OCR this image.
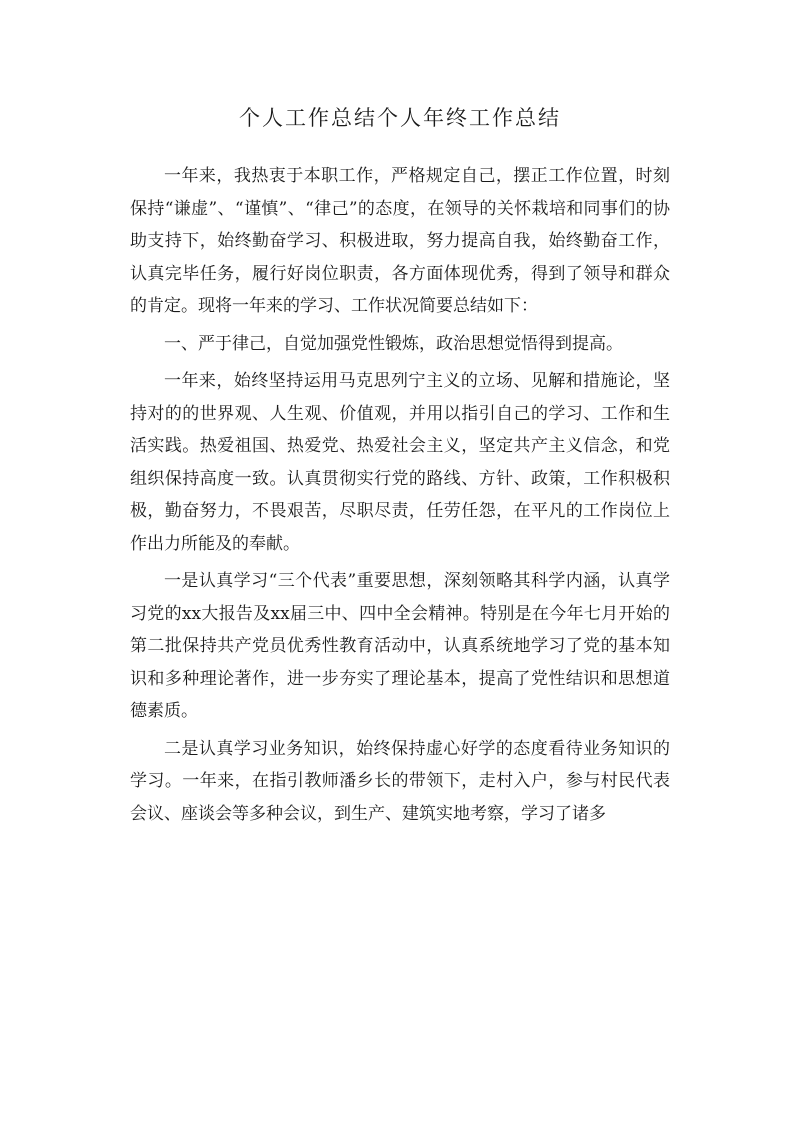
个人工作总结个人年终工作总结

一年来，我热衷于本职工作，严格规定自己，摆正工作位置，时刻保持“谦虚”、“谨慎”、“律己”的态度，在领导的关怀栽培和同事们的协助支持下，始终勤奋学习、积极进取，努力提高自我，始终勤奋工作，认真完毕任务，履行好岗位职责，各方面体现优秀，得到了领导和群众的肯定。现将一年来的学习、工作状况简要总结如下：

一、严于律己，自觉加强党性锻炼，政治思想觉悟得到提高。

一年来，始终坚持运用马克思列宁主义的立场、见解和措施论，坚持对的的世界观、人生观、价值观，并用以指引自己的学习、工作和生活实践。热爱祖国、热爱党、热爱社会主义，坚定共产主义信念，和党组织保持高度一致。认真贯彻实行党的路线、方针、政策，工作积极积极，勤奋努力，不畏艰苦，尽职尽责，任劳任怨，在平凡的工作岗位上作出力所能及的奉献。

一是认真学习“三个代表”重要思想，深刻领略其科学内涵，认真学习党的xx大报告及xx届三中、四中全会精神。特别是在今年七月开始的第二批保持共产党员优秀性教育活动中，认真系统地学习了党的基本知识和多种理论著作，进一步夯实了理论基本，提高了党性结识和思想道德素质。

二是认真学习业务知识，始终保持虚心好学的态度看待业务知识的学习。一年来，在指引教师潘乡长的带领下，走村入户，参与村民代表会议、座谈会等多种会议，到生产、建筑实地考察，学习了诸多
